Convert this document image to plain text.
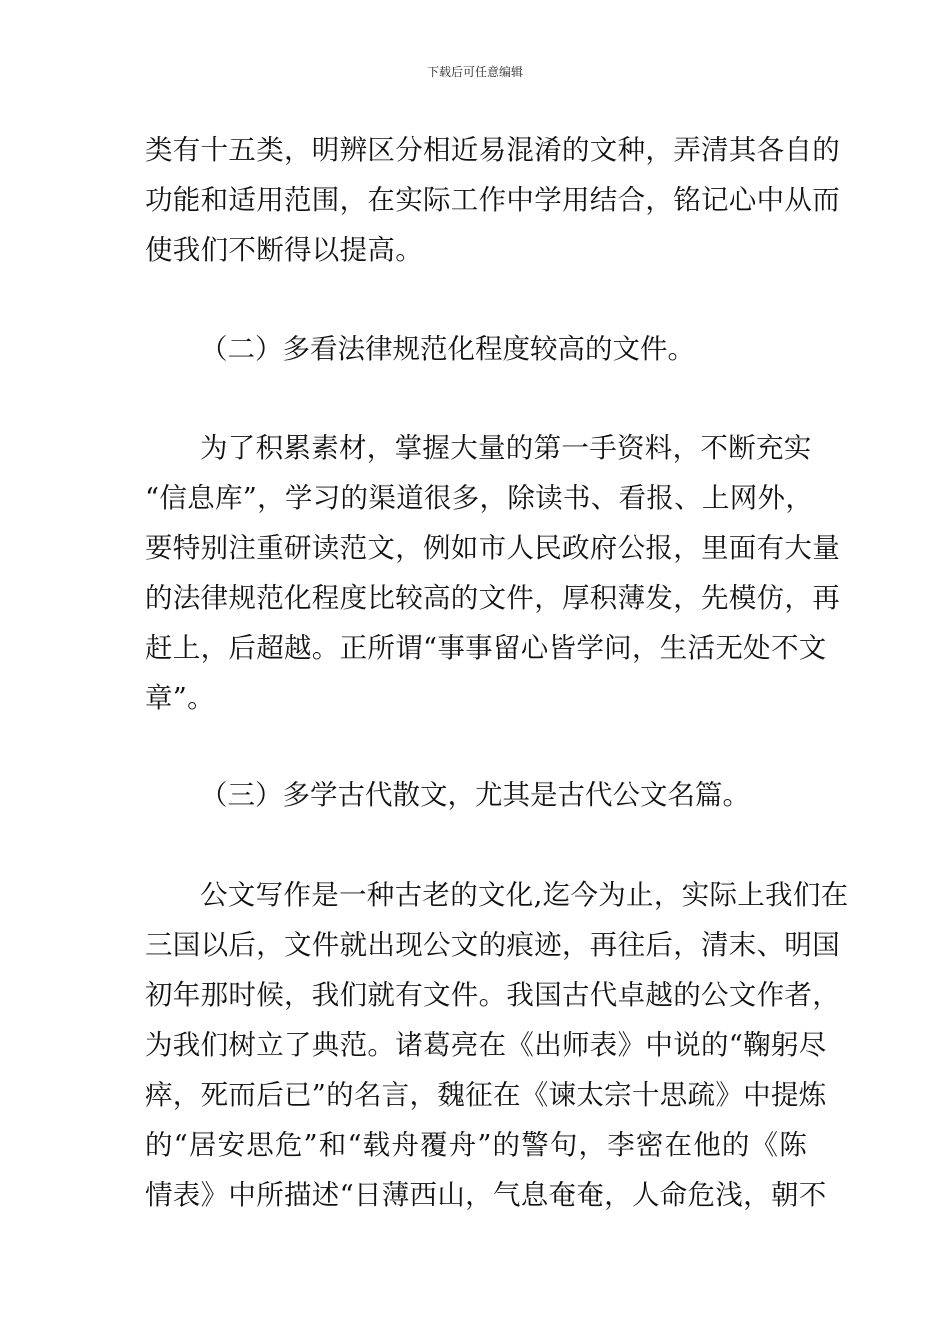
下载后可任意编辑
类有十五类，明辨区分相近易混淆的文种，弄清其各自的
功能和适用范围，在实际工作中学用结合，铭记心中从而
使我们不断得以提高。
（二）多看法律规范化程度较高的文件。
为了积累素材，掌握大量的第一手资料，不断充实
“信息库”，学习的渠道很多，除读书、看报、上网外，
要特别注重研读范文，例如市人民政府公报，里面有大量
的法律规范化程度比较高的文件，厚积薄发，先模仿，再
赶上，后超越。正所谓“事事留心皆学问，生活无处不文
章”。
（三）多学古代散文，尤其是古代公文名篇。
公文写作是一种古老的文化,迄今为止，实际上我们在
三国以后，文件就出现公文的痕迹，再往后，清末、明国
初年那时候，我们就有文件。我国古代卓越的公文作者，
为我们树立了典范。诸葛亮在《出师表》中说的“鞠躬尽
瘁，死而后已”的名言，魏征在《谏太宗十思疏》中提炼
的“居安思危”和“载舟覆舟”的警句，李密在他的《陈
情表》中所描述“日薄西山，气息奄奄，人命危浅，朝不
